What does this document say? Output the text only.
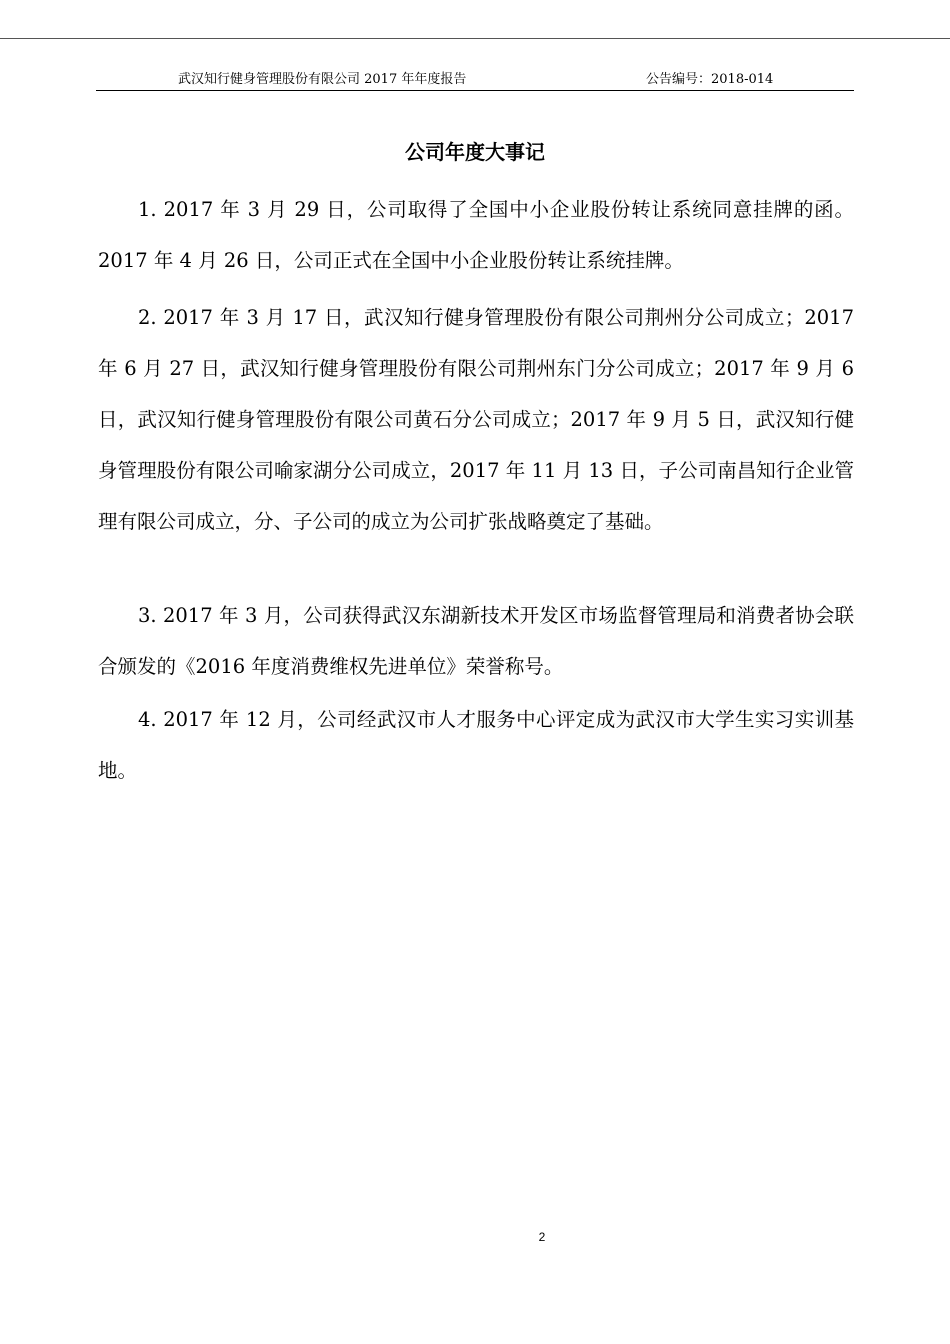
武汉知行健身管理股份有限公司 2017 年年度报告	公告编号：2018-014
公司年度大事记

1. 2017 年 3 月 29 日，公司取得了全国中小企业股份转让系统同意挂牌的函。2017 年 4 月 26 日，公司正式在全国中小企业股份转让系统挂牌。

2. 2017 年 3 月 17 日，武汉知行健身管理股份有限公司荆州分公司成立；2017 年 6 月 27 日，武汉知行健身管理股份有限公司荆州东门分公司成立；2017 年 9 月 6 日，武汉知行健身管理股份有限公司黄石分公司成立；2017 年 9 月 5 日，武汉知行健身管理股份有限公司喻家湖分公司成立，2017 年 11 月 13 日，子公司南昌知行企业管理有限公司成立，分、子公司的成立为公司扩张战略奠定了基础。

3. 2017 年 3 月，公司获得武汉东湖新技术开发区市场监督管理局和消费者协会联合颁发的《2016 年度消费维权先进单位》荣誉称号。

4. 2017 年 12 月，公司经武汉市人才服务中心评定成为武汉市大学生实习实训基地。

2
